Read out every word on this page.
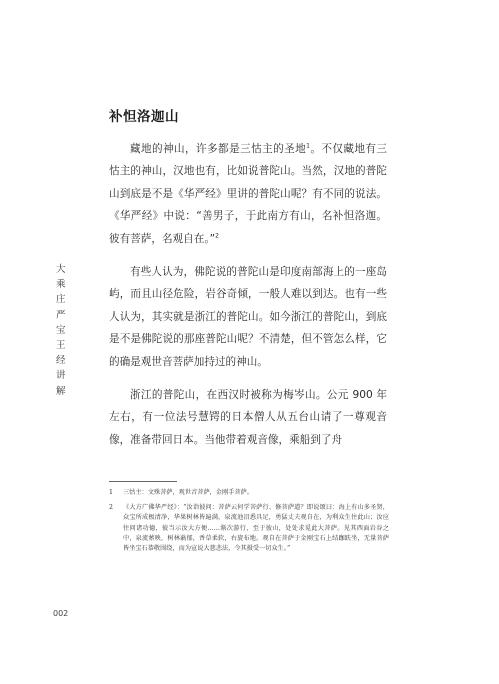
大乘庄严宝王经讲解
补怛洛迦山

藏地的神山，许多都是三怙主的圣地$^1$。不仅藏地有三怙主的神山，汉地也有，比如说普陀山。当然，汉地的普陀山到底是不是《华严经》里讲的普陀山呢？有不同的说法。《华严经》中说：“善男子，于此南方有山，名补怛洛迦。彼有菩萨，名观自在。”$^2$

有些人认为，佛陀说的普陀山是印度南部海上的一座岛屿，而且山径危险，岩谷奇倾，一般人难以到达。也有一些人认为，其实就是浙江的普陀山。如今浙江的普陀山，到底是不是佛陀说的那座普陀山呢？不清楚，但不管怎么样，它的确是观世音菩萨加持过的神山。

浙江的普陀山，在西汉时被称为梅岑山。公元 900 年左右，有一位法号慧锷的日本僧人从五台山请了一尊观音像，准备带回日本。当他带着观音像，乘船到了舟

1	三怙主：文殊菩萨，观世音菩萨，金刚手菩萨。
2	《大方广佛华严经》：“汝诣彼问：菩萨云何学菩萨行、修菩萨道？即说颂曰：海上有山多圣贤，众宝所成极清净，华果树林皆遍满，泉流池沼悉具足，勇猛丈夫观自在，为利众生住此山；汝应往问诸功德，彼当示汝大方便……渐次游行，至于彼山，处处求觅此大菩萨。见其西面岩谷之中，泉流萦映，树林蓊郁，香草柔软，右旋布地。观自在菩萨于金刚宝石上结跏趺坐，无量菩萨皆坐宝石恭敬围绕，而为宣说大慈悲法，令其摄受一切众生。”
002
